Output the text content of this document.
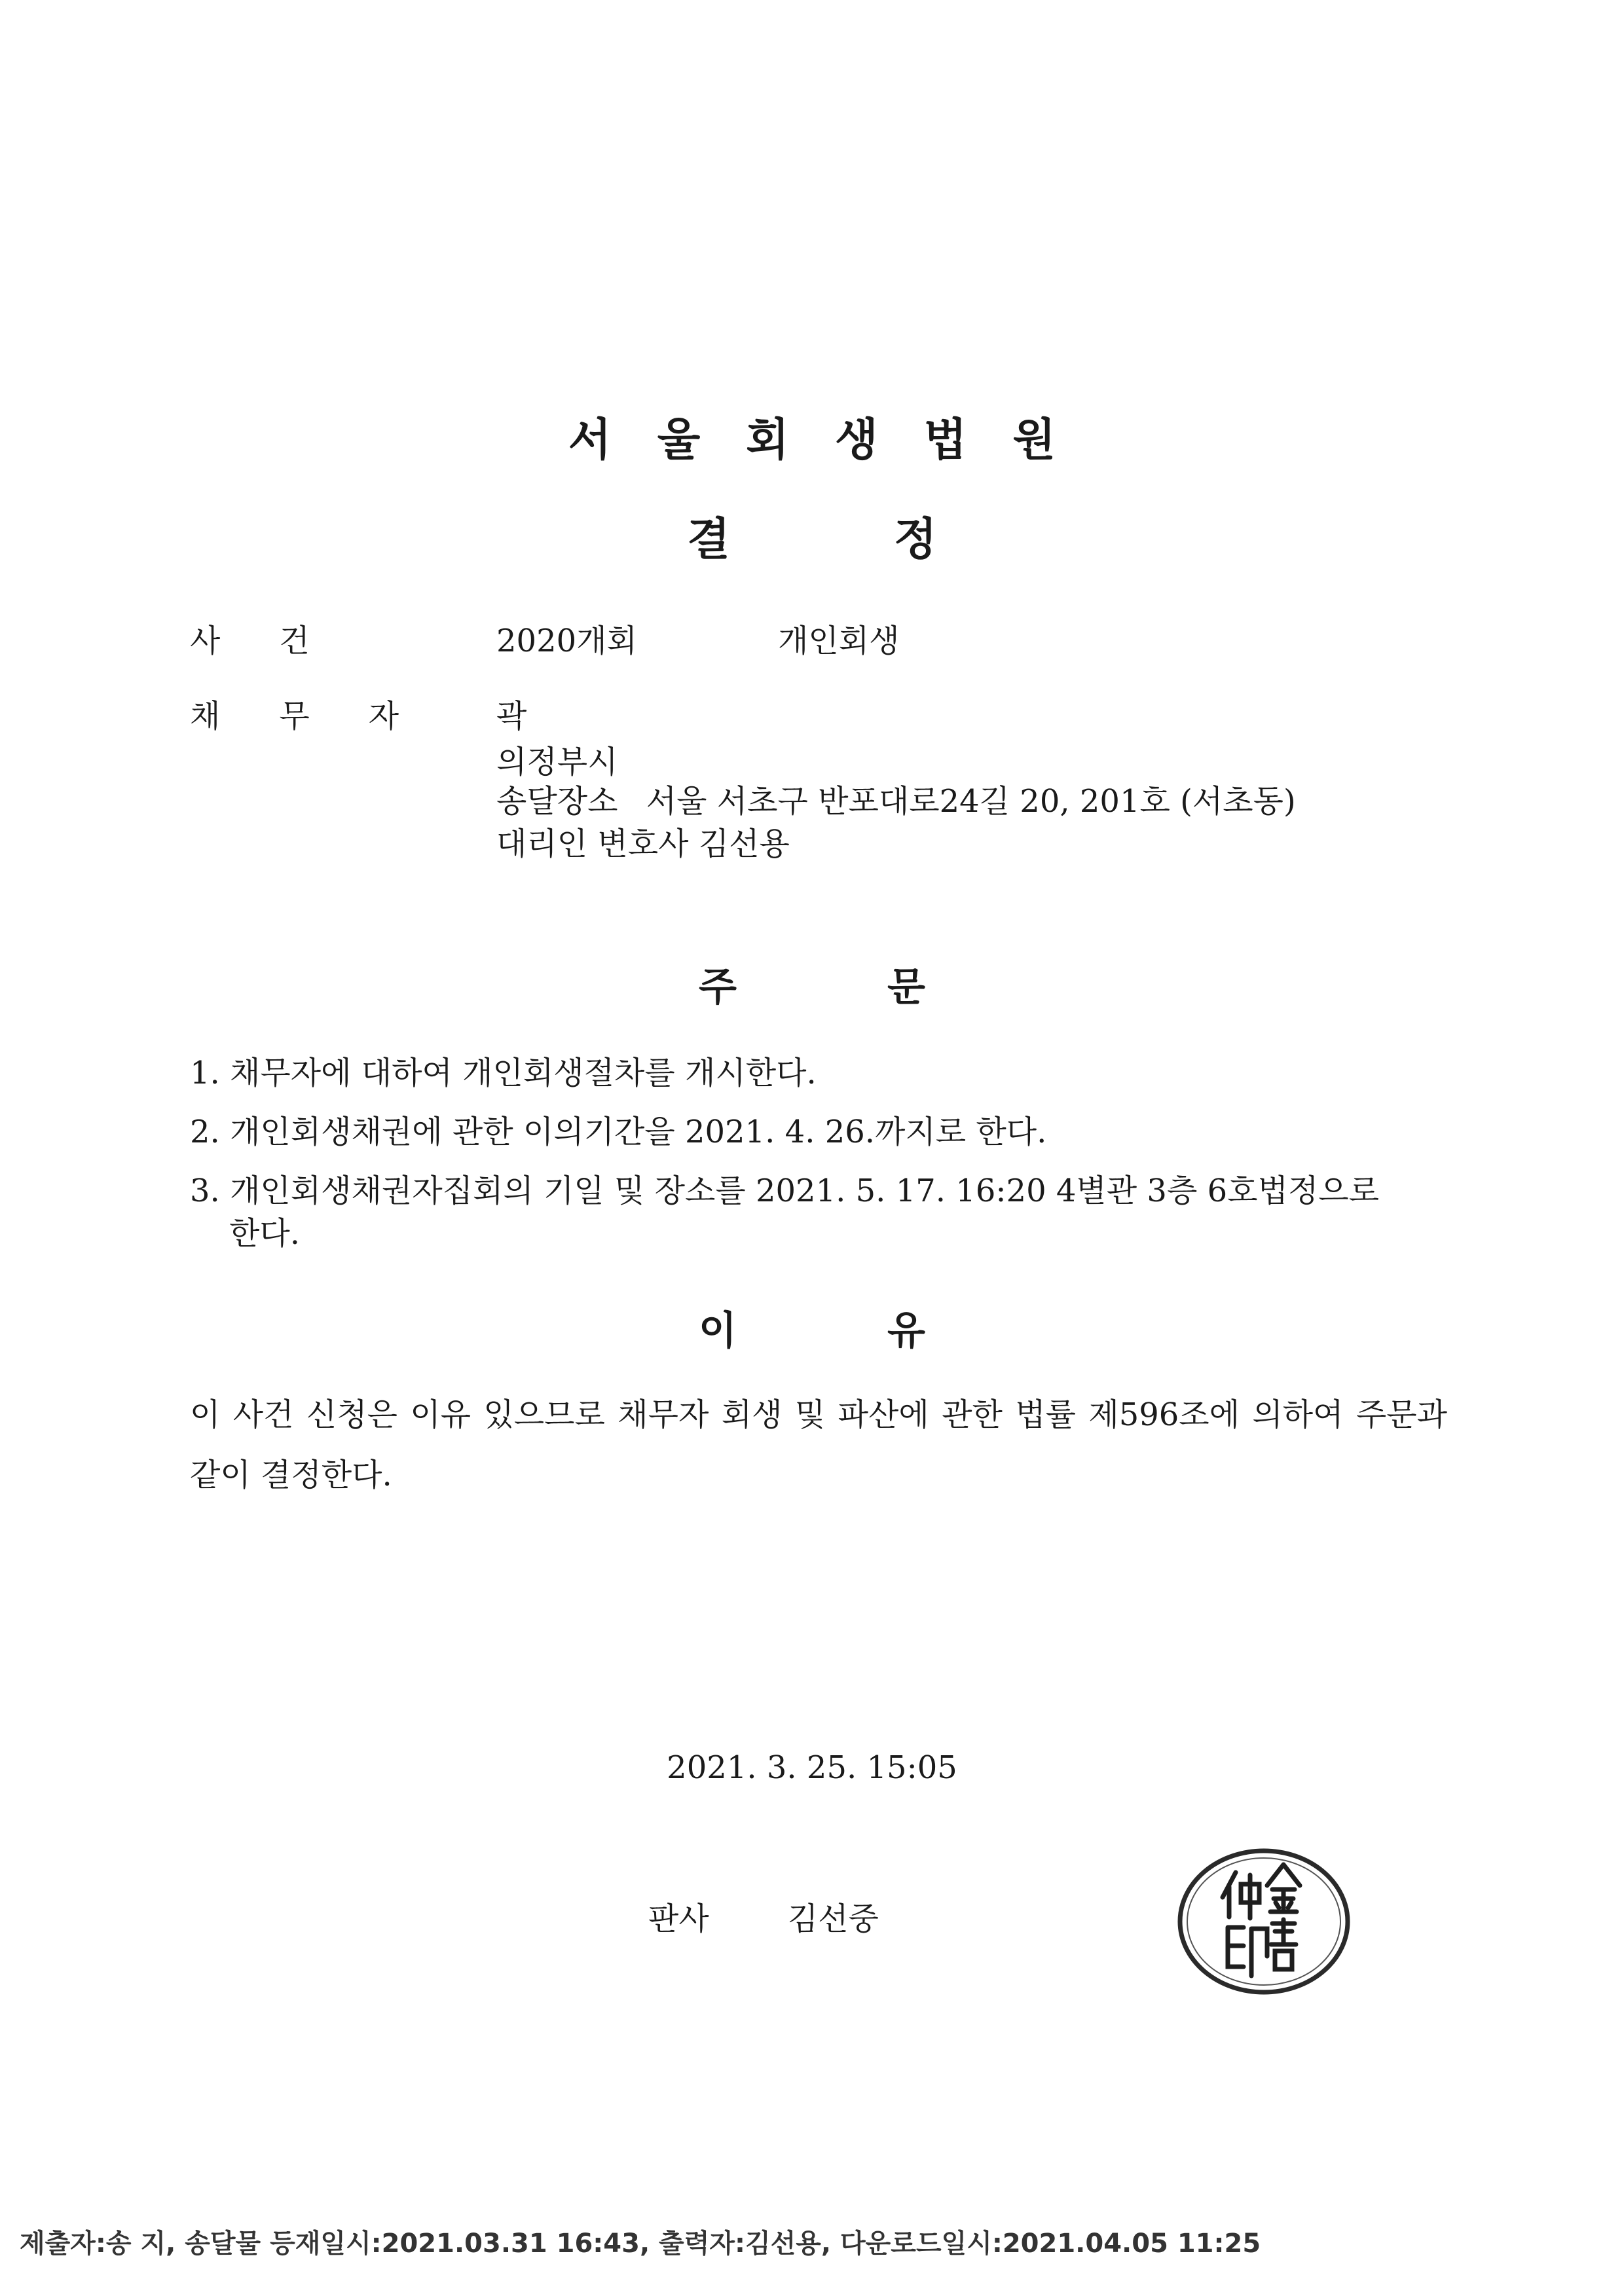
서울회생법원
결정
사건	2020개회	개인회생
채무자 곽
의정부시
송달장소 서울 서초구 반포대로24길 20, 201호 (서초동)
대리인 변호사 김선용
주문
1. 채무자에 대하여 개인회생절차를 개시한다.
2. 개인회생채권에 관한 이의기간을 2021. 4. 26.까지로 한다.
3. 개인회생채권자집회의 기일 및 장소를 2021. 5. 17. 16:20 4별관 3층 6호법정으로
한다.
이유
이 사건 신청은 이유 있으므로 채무자 회생 및 파산에 관한 법률 제596조에 의하여 주문과 같이 결정한다.
2021. 3. 25. 15:05
판사	김선중
제출자:송 지, 송달물 등재일시:2021.03.31 16:43, 출력자:김선용, 다운로드일시:2021.04.05 11:25
